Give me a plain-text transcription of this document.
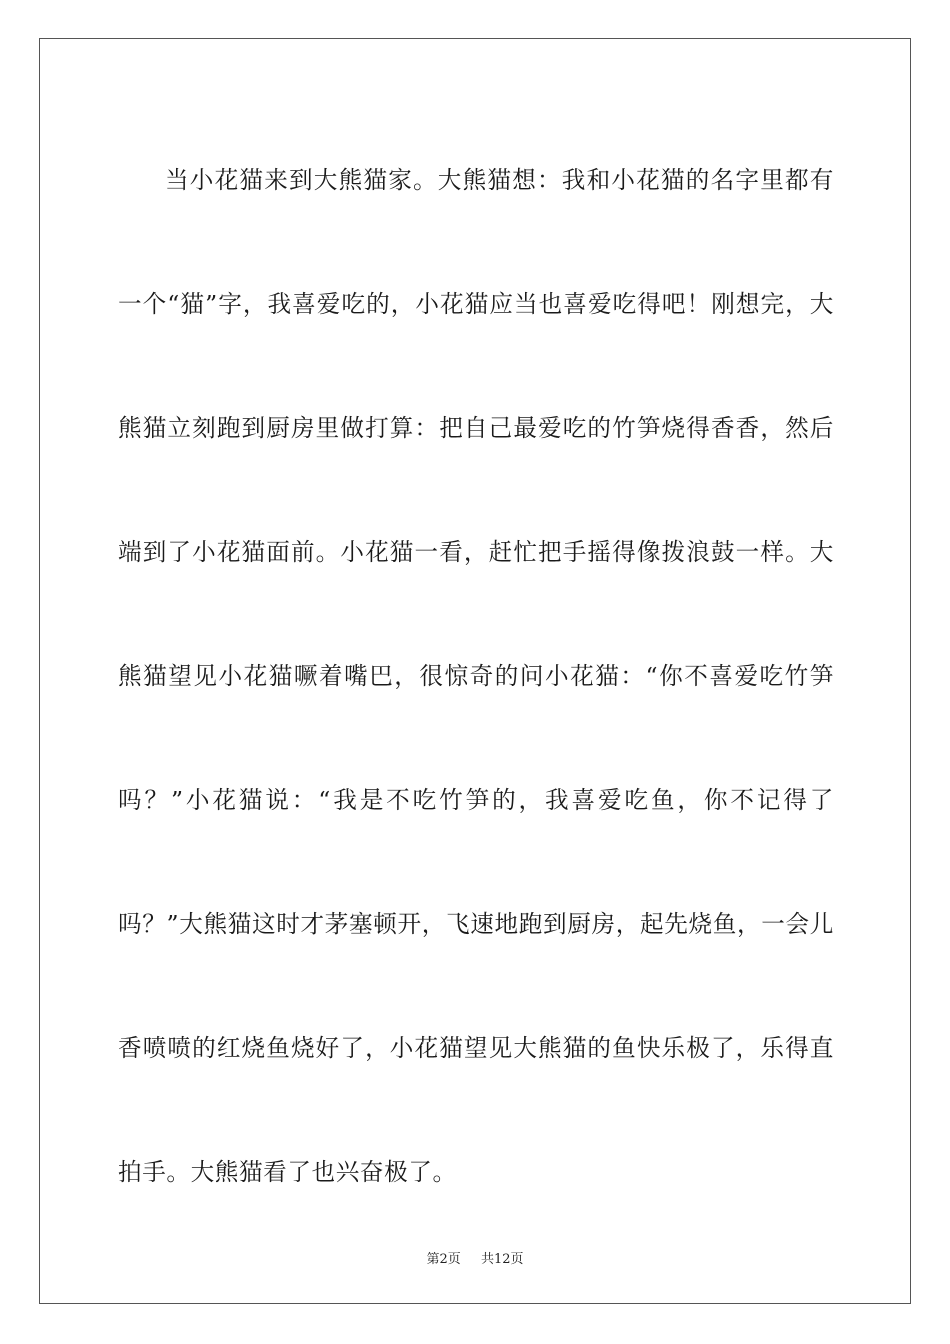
当小花猫来到大熊猫家。大熊猫想：我和小花猫的名字里都有一个“猫”字，我喜爱吃的，小花猫应当也喜爱吃得吧！刚想完，大熊猫立刻跑到厨房里做打算：把自己最爱吃的竹笋烧得香香，然后端到了小花猫面前。小花猫一看，赶忙把手摇得像拨浪鼓一样。大熊猫望见小花猫噘着嘴巴，很惊奇的问小花猫：“你不喜爱吃竹笋吗？”小花猫说：“我是不吃竹笋的，我喜爱吃鱼，你不记得了吗？”大熊猫这时才茅塞顿开，飞速地跑到厨房，起先烧鱼，一会儿香喷喷的红烧鱼烧好了，小花猫望见大熊猫的鱼快乐极了，乐得直拍手。大熊猫看了也兴奋极了。

第2页 共12页
